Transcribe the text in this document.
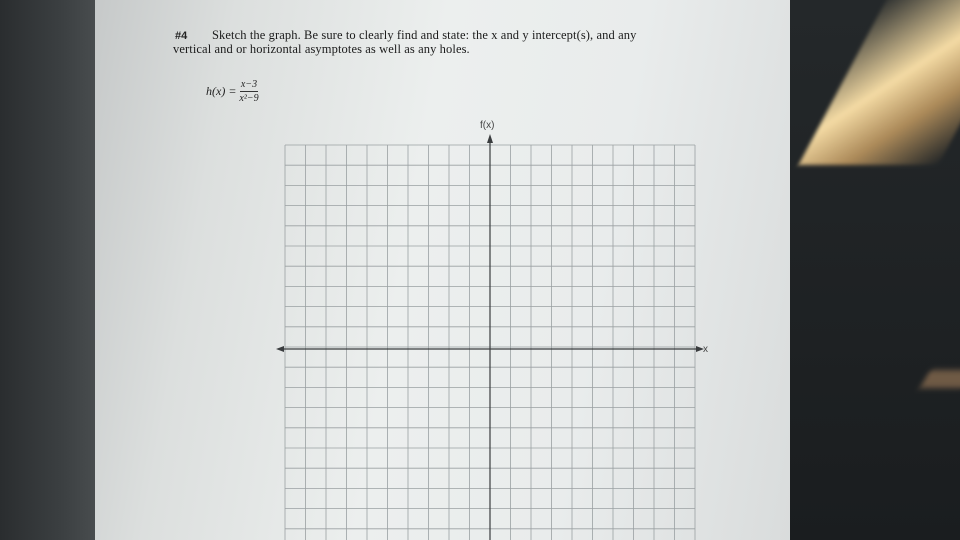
#4 Sketch the graph. Be sure to clearly find and state: the x and y intercept(s), and any
vertical and or horizontal asymptotes as well as any holes.
$h(x) = \frac{x-3}{\text{x²−9}}$
f(x)
x
